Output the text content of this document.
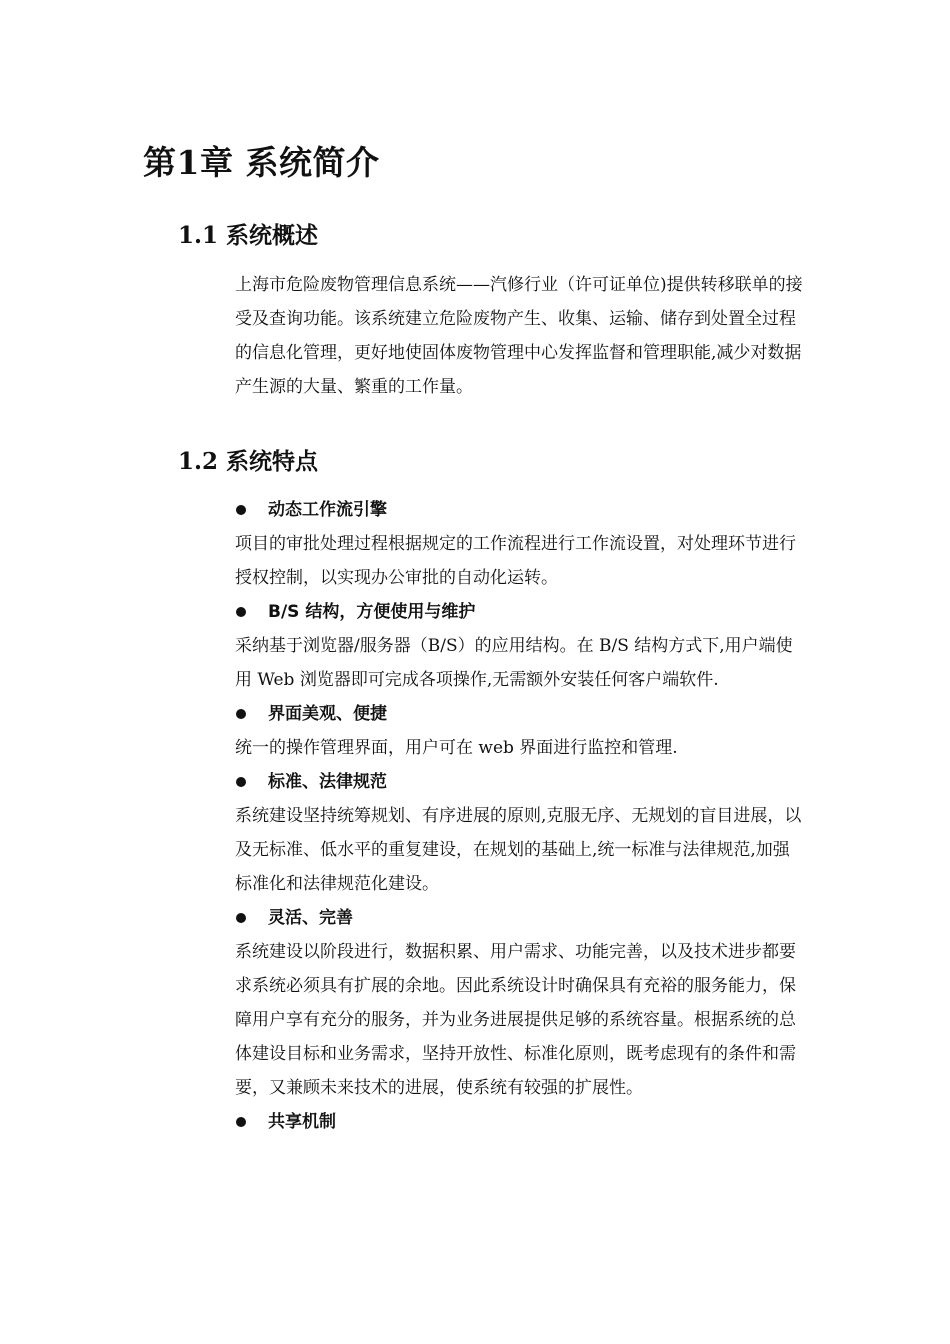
第1章 系统简介
1.1 系统概述

上海市危险废物管理信息系统——汽修行业（许可证单位)提供转移联单的接受及查询功能。该系统建立危险废物产生、收集、运输、储存到处置全过程的信息化管理，更好地使固体废物管理中心发挥监督和管理职能,减少对数据产生源的大量、繁重的工作量。

1.2 系统特点
动态工作流引擎

项目的审批处理过程根据规定的工作流程进行工作流设置，对处理环节进行授权控制，以实现办公审批的自动化运转。

B/S 结构，方便使用与维护

采纳基于浏览器/服务器（B/S）的应用结构。在 B/S 结构方式下,用户端使用 Web 浏览器即可完成各项操作,无需额外安装任何客户端软件.

界面美观、便捷

统一的操作管理界面，用户可在 web 界面进行监控和管理.

标准、法律规范

系统建设坚持统筹规划、有序进展的原则,克服无序、无规划的盲目进展，以及无标准、低水平的重复建设，在规划的基础上,统一标准与法律规范,加强标准化和法律规范化建设。

灵活、完善

系统建设以阶段进行，数据积累、用户需求、功能完善，以及技术进步都要求系统必须具有扩展的余地。因此系统设计时确保具有充裕的服务能力，保障用户享有充分的服务，并为业务进展提供足够的系统容量。根据系统的总体建设目标和业务需求，坚持开放性、标准化原则，既考虑现有的条件和需要，又兼顾未来技术的进展，使系统有较强的扩展性。

共享机制
